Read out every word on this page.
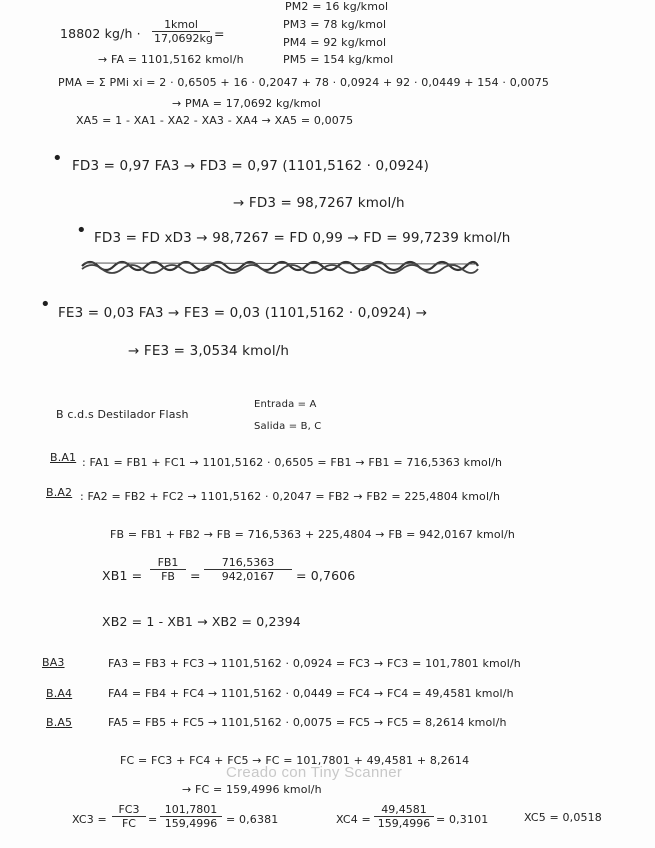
PM2 = 16 kg/kmol
PM3 = 78 kg/kmol
PM4 = 92 kg/kmol
PM5 = 154 kg/kmol
18802 kg/h ·
1kmol
17,0692kg =
→ FA = 1101,5162 kmol/h
PMA = Σ PMi xi = 2 · 0,6505 + 16 · 0,2047 + 78 · 0,0924 + 92 · 0,0449 + 154 · 0,0075
→ PMA = 17,0692 kg/kmol
XA5 = 1 - XA1 - XA2 - XA3 - XA4 → XA5 = 0,0075
• FD3 = 0,97 FA3 → FD3 = 0,97 (1101,5162 · 0,0924)
→ FD3 = 98,7267 kmol/h
• FD3 = FD xD3 → 98,7267 = FD 0,99 → FD = 99,7239 kmol/h
• FE3 = 0,03 FA3 → FE3 = 0,03 (1101,5162 · 0,0924) →
→ FE3 = 3,0534 kmol/h
B c.d.s Destilador Flash
Entrada = A
Salida = B, C
B.A1 : FA1 = FB1 + FC1 → 1101,5162 · 0,6505 = FB1 → FB1 = 716,5363 kmol/h
B.A2 : FA2 = FB2 + FC2 → 1101,5162 · 0,2047 = FB2 → FB2 = 225,4804 kmol/h
FB = FB1 + FB2 → FB = 716,5363 + 225,4804 → FB = 942,0167 kmol/h
$XB1 = \frac{FB1}{FB} = \frac{716,5363}{942,0167} = 0,7606$
XB2 = 1 - XB1 → XB2 = 0,2394
BA3	FA3 = FB3 + FC3 → 1101,5162 · 0,0924 = FC3 → FC3 = 101,7801 kmol/h
B.A4	FA4 = FB4 + FC4 → 1101,5162 · 0,0449 = FC4 → FC4 = 49,4581 kmol/h
B.A5	FA5 = FB5 + FC5 → 1101,5162 · 0,0075 = FC5 → FC5 = 8,2614 kmol/h
FC = FC3 + FC4 + FC5 → FC = 101,7801 + 49,4581 + 8,2614
→ FC = 159,4996 kmol/h
$XC3 = \frac{FC3}{FC} = \frac{101,7801}{159,4996} = 0,6381$	$XC4 = \frac{49,4581}{159,4996} = 0,3101$	XC5 = 0,0518
Creado con Tiny Scanner
